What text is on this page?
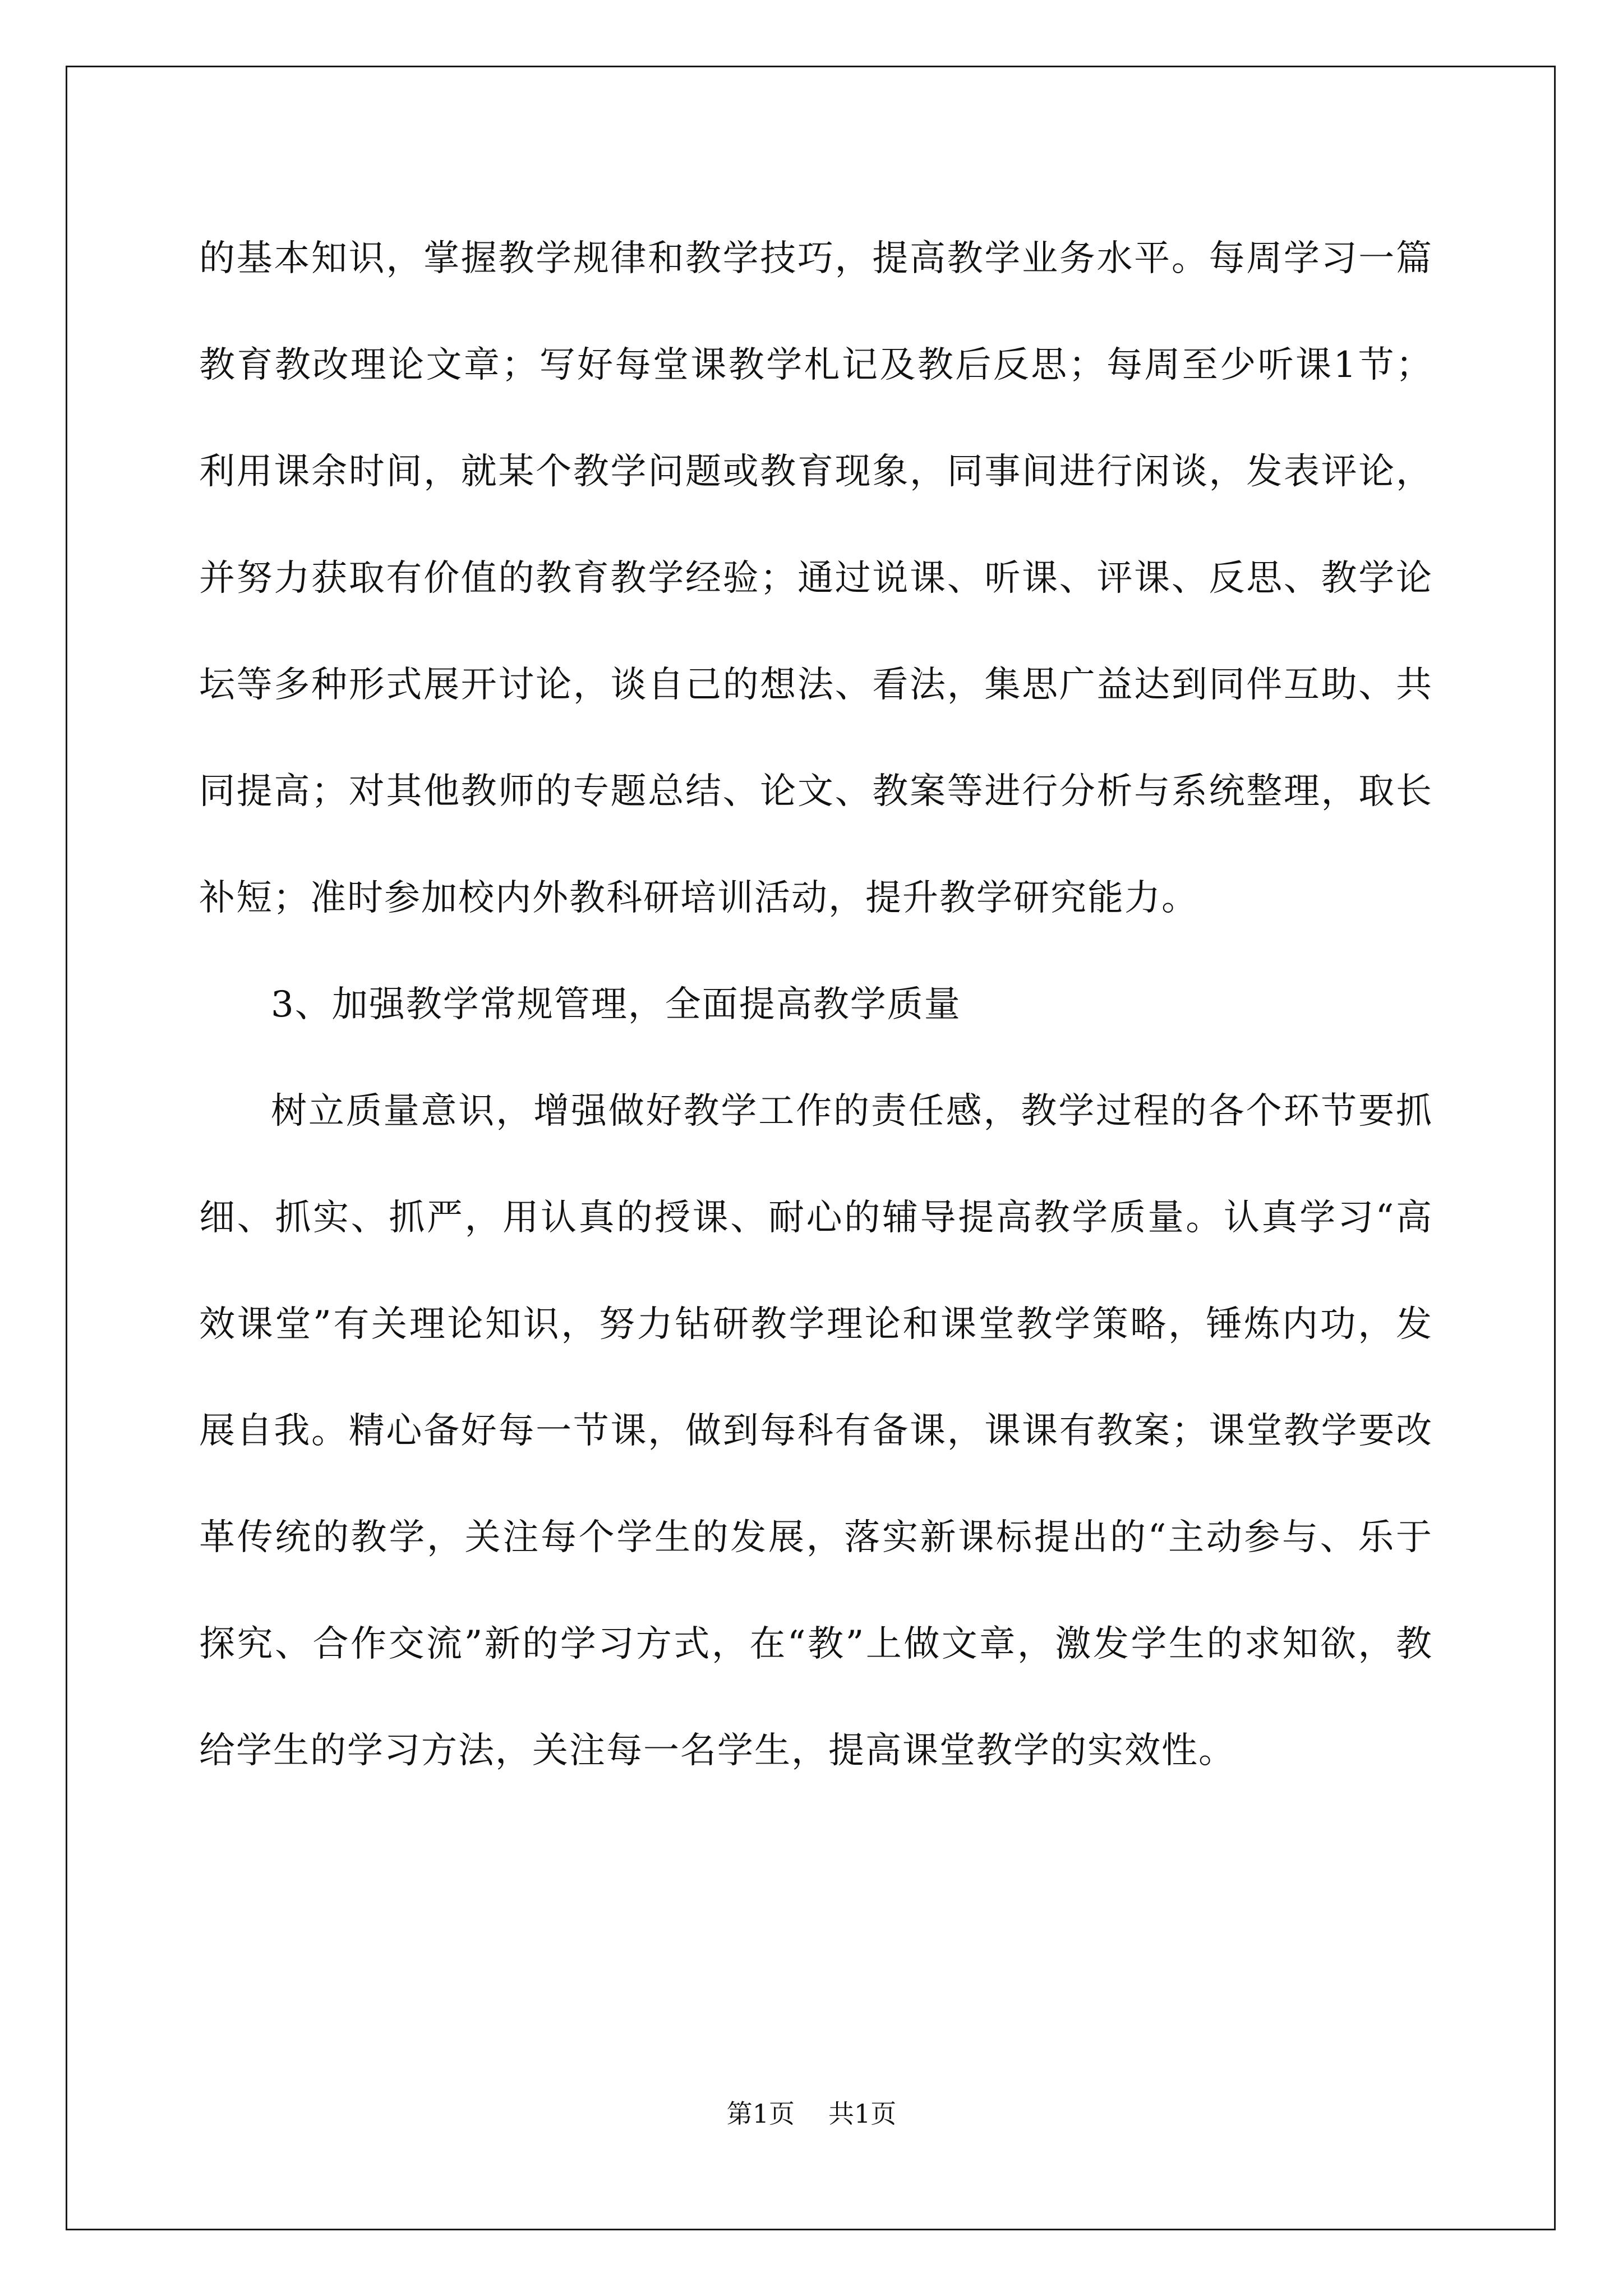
的基本知识，掌握教学规律和教学技巧，提高教学业务水平。每周学习一篇教育教改理论文章；写好每堂课教学札记及教后反思；每周至少听课1节；利用课余时间，就某个教学问题或教育现象，同事间进行闲谈，发表评论，并努力获取有价值的教育教学经验；通过说课、听课、评课、反思、教学论坛等多种形式展开讨论，谈自己的想法、看法，集思广益达到同伴互助、共同提高；对其他教师的专题总结、论文、教案等进行分析与系统整理，取长补短；准时参加校内外教科研培训活动，提升教学研究能力。

3、加强教学常规管理，全面提高教学质量

树立质量意识，增强做好教学工作的责任感，教学过程的各个环节要抓细、抓实、抓严，用认真的授课、耐心的辅导提高教学质量。认真学习“高效课堂”有关理论知识，努力钻研教学理论和课堂教学策略，锤炼内功，发展自我。精心备好每一节课，做到每科有备课，课课有教案；课堂教学要改革传统的教学，关注每个学生的发展，落实新课标提出的“主动参与、乐于探究、合作交流”新的学习方式，在“教”上做文章，激发学生的求知欲，教给学生的学习方法，关注每一名学生，提高课堂教学的实效性。

第1页 共1页
